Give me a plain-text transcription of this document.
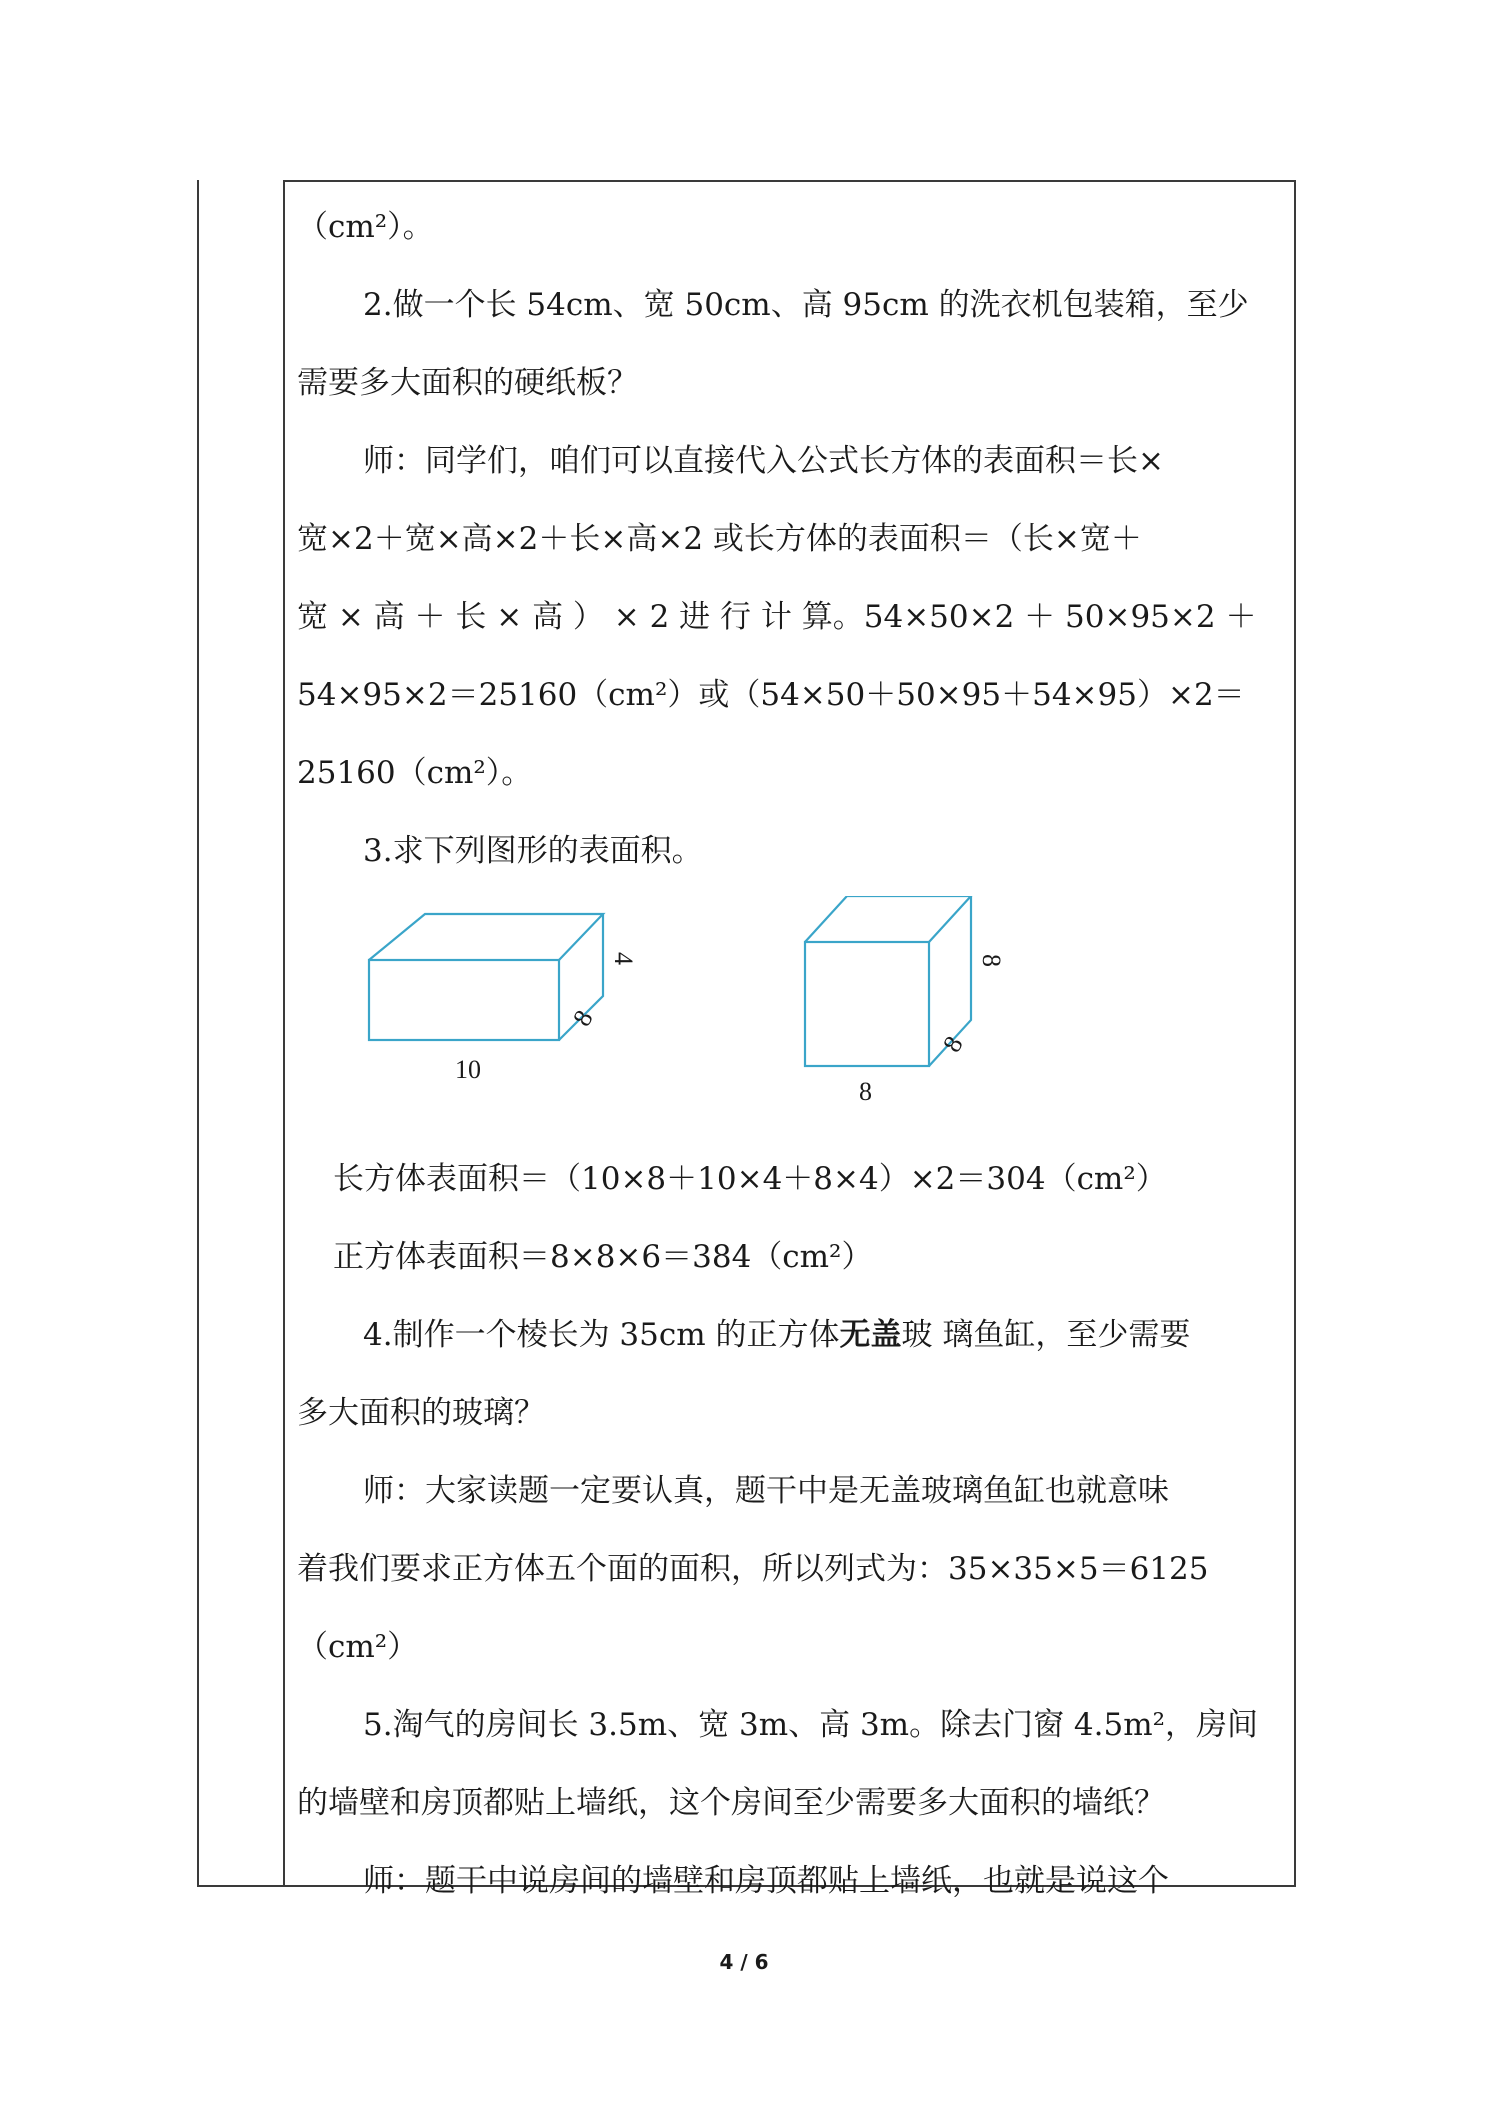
（cm²）。

2.做一个长 54cm、宽 50cm、高 95cm 的洗衣机包装箱，至少

需要多大面积的硬纸板？

师：同学们，咱们可以直接代入公式长方体的表面积＝长×

宽×2＋宽×高×2＋长×高×2 或长方体的表面积＝（长×宽＋

宽 × 高 ＋ 长 × 高 ） × 2 进 行 计 算。54×50×2 ＋ 50×95×2 ＋

54×95×2＝25160（cm²）或（54×50＋50×95＋54×95）×2＝

25160（cm²）。

3.求下列图形的表面积。

10
8
4
8
8
8

长方体表面积＝（10×8＋10×4＋8×4）×2＝304（cm²）

正方体表面积＝8×8×6＝384（cm²）

4.制作一个棱长为 35cm 的正方体无盖玻 璃鱼缸，至少需要

多大面积的玻璃？

师：大家读题一定要认真，题干中是无盖玻璃鱼缸也就意味

着我们要求正方体五个面的面积，所以列式为：35×35×5＝6125

（cm²）

5.淘气的房间长 3.5m、宽 3m、高 3m。除去门窗 4.5m²，房间

的墙壁和房顶都贴上墙纸，这个房间至少需要多大面积的墙纸？

师：题干中说房间的墙壁和房顶都贴上墙纸，也就是说这个

4 / 6
